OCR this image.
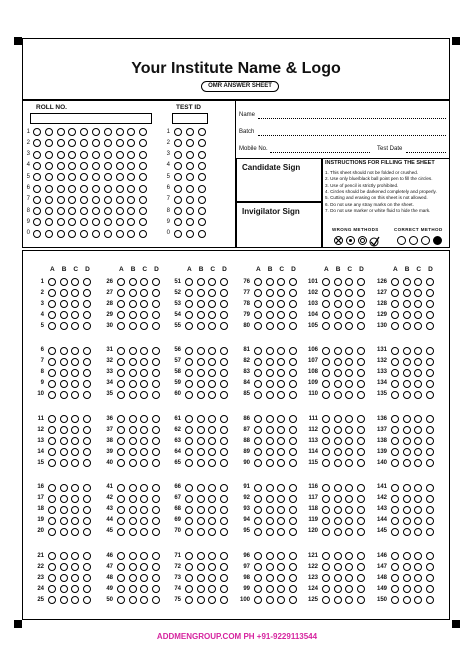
Your Institute Name & Logo
OMR ANSWER SHEET
ROLL NO.	TEST ID
Name
Batch
Mobile No.	Test Date
Candidate Sign
Invigilator Sign
INSTRUCTIONS FOR FILLING THE SHEET
WRONG METHODS	CORRECT METHOD
ADDMENGROUP.COM PH +91-9229113544
1	1
2	2
3	3
4	4
5	5
6	6
7	7
8	8
9	9
0	0
1. This sheet should not be folded or crushed.
2. Use only blue/black ball point pen to fill the circles.
3. Use of pencil is strictly prohibited.
4. Circles should be darkened completely and properly.
5. Cutting and erasing on this sheet is not allowed.
6. Do not use any stray marks on the sheet.
7. Do not use marker or white fluid to hide the mark.
A B C D
1
2
3
4
5
6
7
8
9
10
11
12
13
14
15
16
17
18
19
20
21
22
23
24
25
A B C D
26
27
28
29
30
31
32
33
34
35
36
37
38
39
40
41
42
43
44
45
46
47
48
49
50
A B C D
51
52
53
54
55
56
57
58
59
60
61
62
63
64
65
66
67
68
69
70
71
72
73
74
75
A B C D
76
77
78
79
80
81
82
83
84
85
86
87
88
89
90
91
92
93
94
95
96
97
98
99
100
A B C D
101
102
103
104
105
106
107
108
109
110
111
112
113
114
115
116
117
118
119
120
121
122
123
124
125
A B C D
126
127
128
129
130
131
132
133
134
135
136
137
138
139
140
141
142
143
144
145
146
147
148
149
150
